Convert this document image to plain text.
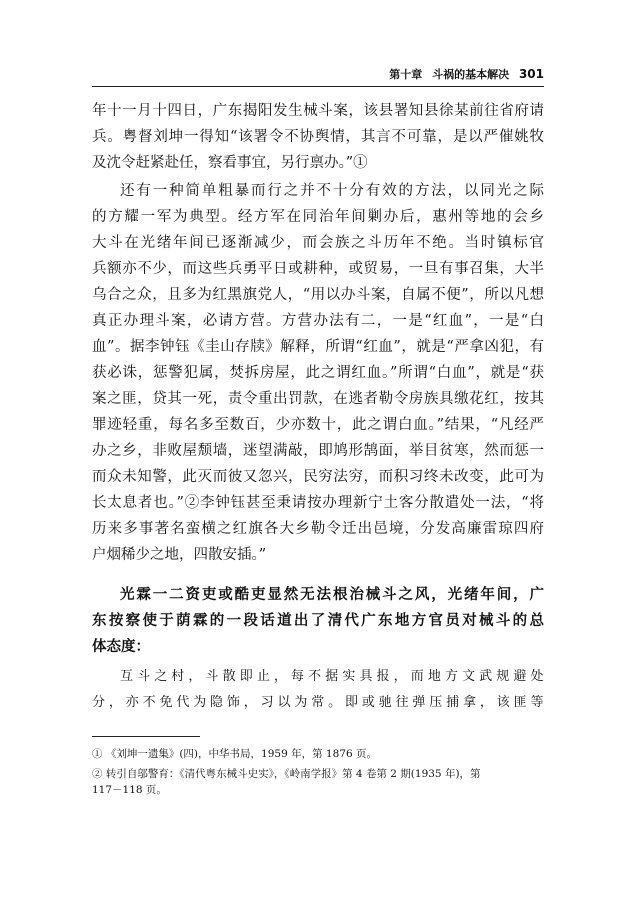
第十章 斗祸的基本解决 301
年十一月十四日，广东揭阳发生械斗案，该县署知县徐某前往省府请
兵。粤督刘坤一得知“该署令不协舆情，其言不可靠，是以严催姚牧
及沈令赶紧赴任，察看事宜，另行禀办。”①
还有一种简单粗暴而行之并不十分有效的方法，以同光之际
的方耀一军为典型。经方军在同治年间剿办后，惠州等地的会乡
大斗在光绪年间已逐渐减少，而会族之斗历年不绝。当时镇标官
兵额亦不少，而这些兵勇平日或耕种，或贸易，一旦有事召集，大半
乌合之众，且多为红黑旗党人，“用以办斗案，自属不便”，所以凡想
真正办理斗案，必请方营。方营办法有二，一是“红血”，一是“白
血”。据李钟钰《圭山存牍》解释，所谓“红血”，就是“严拿凶犯，有
获必诛，惩警犯属，焚拆房屋，此之谓红血。”所谓“白血”，就是“获
案之匪，贷其一死，责令重出罚款，在逃者勒令房族具缴花红，按其
罪迹轻重，每名多至数百，少亦数十，此之谓白血。”结果，“凡经严
办之乡，非败屋颓墙，迷望满敲，即鸠形鹄面，举目贫寒，然而惩一
而众未知警，此灭而彼又忽兴，民穷法穷，而积习终未改变，此可为
长太息者也。”②李钟钰甚至秉请按办理新宁土客分散遣处一法，“将
历来多事著名蛮横之红旗各大乡勒令迁出邑境，分发高廉雷琼四府
户烟稀少之地，四散安插。”
光霖一二资吏或酷吏显然无法根治械斗之风，光绪年间，广
东按察使于荫霖的一段话道出了清代广东地方官员对械斗的总
体态度：
互斗之村，斗散即止，每不据实具报，而地方文武规避处
分，亦不免代为隐饰，习以为常。即或驰往弹压捕拿，该匪等
① 《刘坤一遗集》(四)，中华书局，1959 年，第 1876 页。
② 转引自邬警育：《清代粤东械斗史实》，《岭南学报》第 4 卷第 2 期(1935 年)，第
117－118 页。
